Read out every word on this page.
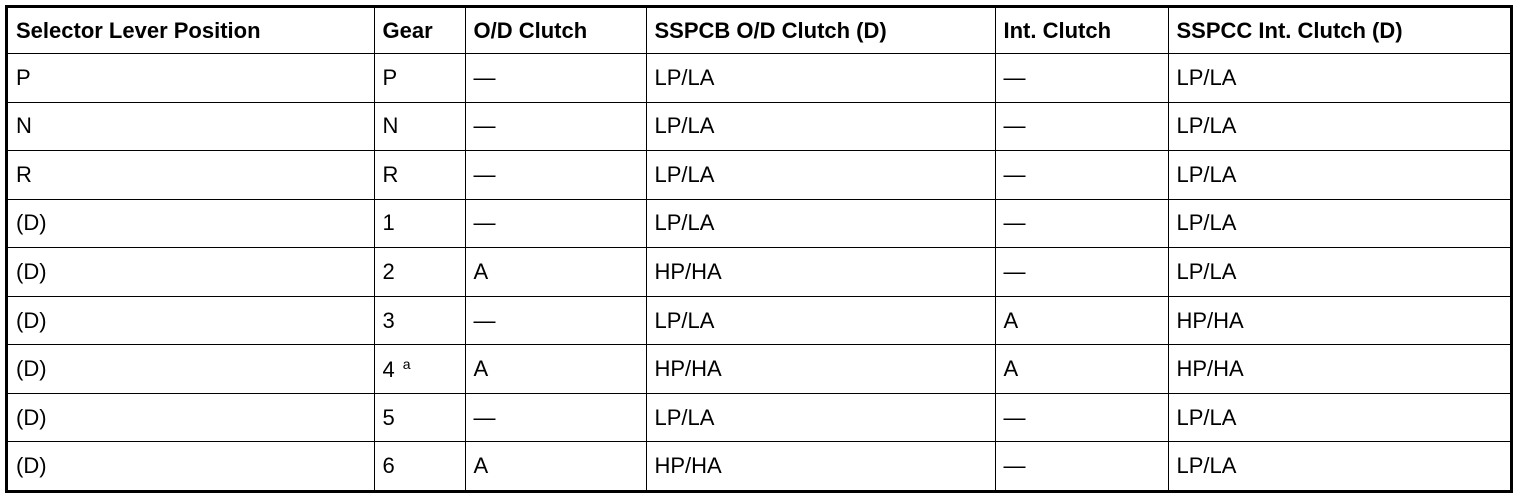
Selector Lever Position	Gear	O/D Clutch	SSPCB O/D Clutch (D)	Int. Clutch	SSPCC Int. Clutch (D)
P	P	—	LP/LA	—	LP/LA
N	N	—	LP/LA	—	LP/LA
R	R	—	LP/LA	—	LP/LA
(D)	1	—	LP/LA	—	LP/LA
(D)	2	A	HP/HA	—	LP/LA
(D)	3	—	LP/LA	A	HP/HA
(D)	4 $^a$	A	HP/HA	A	HP/HA
(D)	5	—	LP/LA	—	LP/LA
(D)	6	A	HP/HA	—	LP/LA
